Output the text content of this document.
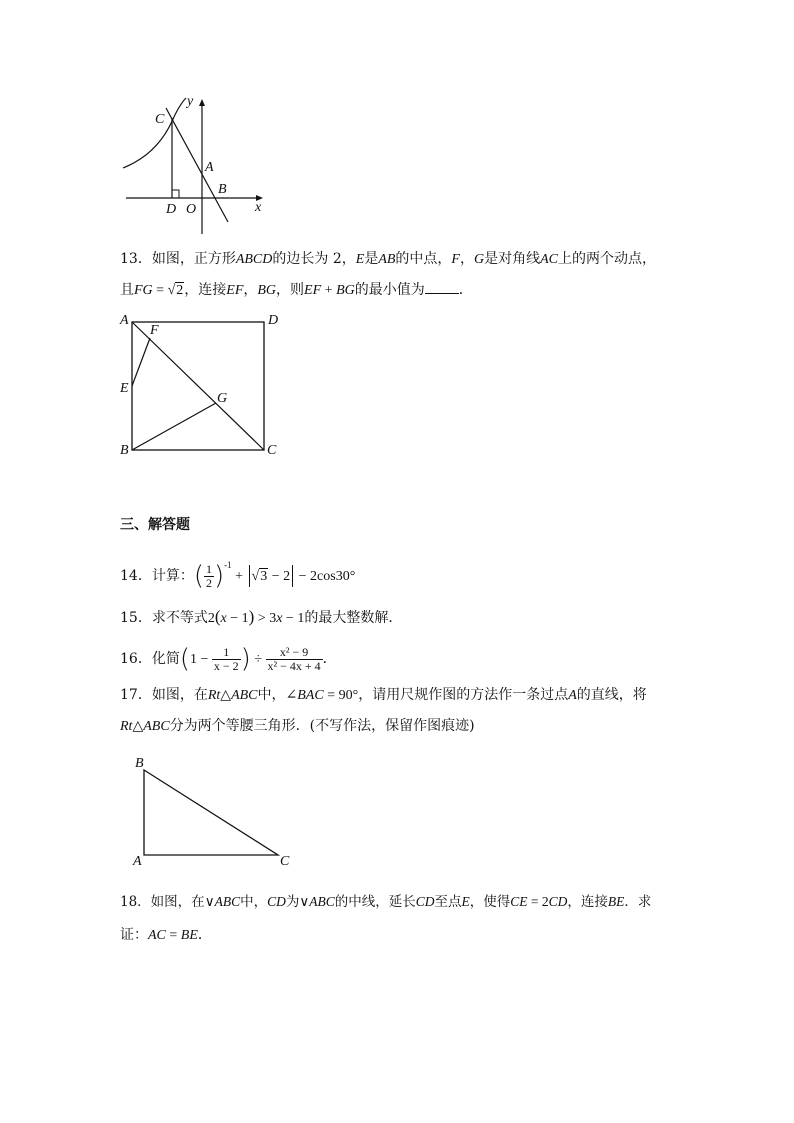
y
C
A
B
D O	x
13．如图，正方形ABCD的边长为 2，E是AB的中点，F，G是对角线AC上的两个动点，
且FG = √2，连接EF，BG，则EF + BG的最小值为 ．
A	D
F
E
G
B	C
三、解答题
14．计算：( $\frac{1}{2} )^{-1} + √3 - 2 - 2\cos 30^\circ$
15．求不等式2(x − 1) > 3x − 1的最大整数解．
16．化简($1 - \frac{1}{x - 2}$ ) ÷ $\frac{\text{x² − 9}}{\text{x² − 4x + 4}}$ ．
17．如图，在Rt△ABC中，∠BAC = 90°，请用尺规作图的方法作一条过点A的直线，将
Rt△ABC分为两个等腰三角形．(不写作法，保留作图痕迹)
B
A	C
18．如图，在∨ABC中，CD为∨ABC的中线，延长CD至点E，使得CE = 2CD，连接BE．求
证：AC = BE．
